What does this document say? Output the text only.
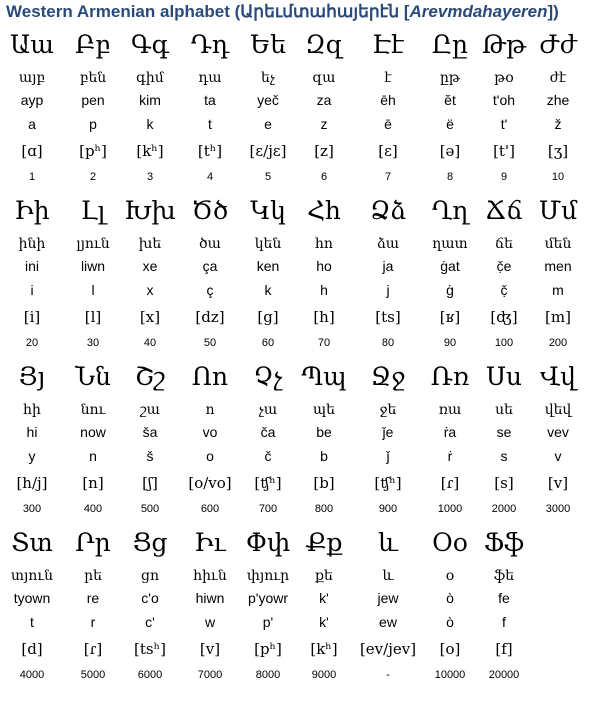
Western Armenian alphabet (Արեւմտահայերէն [Arevmdahayeren])
Աա
այբ
ayp
a
[ɑ]
1
Բբ
բեն
pen
p
[pʰ]
2
Գգ
գիմ
kim
k
[kʰ]
3
Դդ
դա
ta
t
[tʰ]
4
Եե
եչ
yeč
e
[ɛ/jɛ]
5
Զզ
զա
za
z
[z]
6
Էէ
է
ēh
ē
[ɛ]
7
Ըը
ըթ
ĕt
ë
[ə]
8
Թթ
թօ
t'oh
t'
[t']
9
Ժժ
ժէ
zhe
ž
[ʒ]
10
Իի
ինի
ini
i
[i]
20
Լլ
լյուն
liwn
l
[l]
30
Խխ
խե
xe
x
[x]
40
Ծծ
ծա
ça
ç
[dz]
50
Կկ
կեն
ken
k
[g]
60
Հհ
հո
ho
h
[h]
70
Ձձ
ձա
ja
j
[ts]
80
Ղղ
ղատ
ġat
ġ
[ʁ]
90
Ճճ
ճե
č̣e
č̣
[ʤ]
100
Մմ
մեն
men
m
[m]
200
Յյ
հի
hi
y
[h/j]
300
Նն
նու
now
n
[n]
400
Շշ
շա
ša
š
[ʃ]
500
Ոո
ո
vo
o
[o/vo]
600
Չչ
չա
ča
č
[ʧʰ]
700
Պպ
պե
be
b
[b]
800
Ջջ
ջե
ǰe
ǰ
[ʧʰ]
900
Ռռ
ռա
ṙa
ṙ
[ɾ]
1000
Սս
սե
se
s
[s]
2000
Վվ
վեվ
vev
v
[v]
3000
Տտ
տյուն
tyown
t
[d]
4000
Րր
րե
re
r
[ɾ]
5000
Ցց
ցո
c'o
c'
[tsʰ]
6000
Իւ
հիւն
hiwn
w
[v]
7000
Փփ
փյուր
p'yowr
p'
[pʰ]
8000
Քք
քե
k'
k'
[kʰ]
9000
և
և
jew
ew
[ev/jev]
-
Օօ
օ
ò
ò
[o]
10000
Ֆֆ
ֆե
fe
f
[f]
20000
